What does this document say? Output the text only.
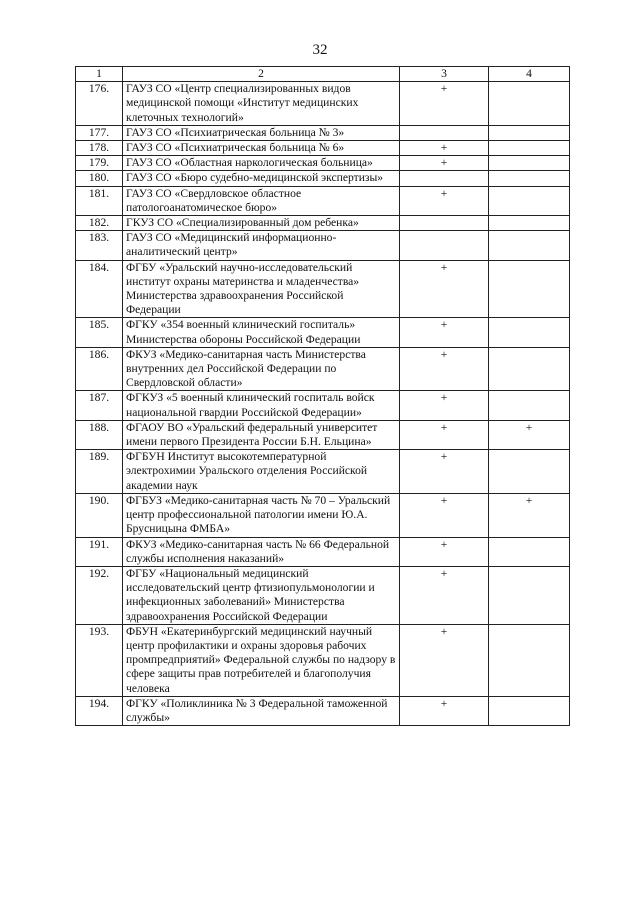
32
1	2	3	4
176.	ГАУЗ СО «Центр специализированных видов медицинской помощи «Институт медицинских клеточных технологий»	+	
177.	ГАУЗ СО «Психиатрическая больница № 3»		
178.	ГАУЗ СО «Психиатрическая больница № 6»	+	
179.	ГАУЗ СО «Областная наркологическая больница»	+	
180.	ГАУЗ СО «Бюро судебно-медицинской экспертизы»		
181.	ГАУЗ СО «Свердловское областное патологоанатомическое бюро»	+	
182.	ГКУЗ СО «Специализированный дом ребенка»		
183.	ГАУЗ СО «Медицинский информационно-аналитический центр»		
184.	ФГБУ «Уральский научно-исследовательский институт охраны материнства и младенчества» Министерства здравоохранения Российской Федерации	+	
185.	ФГКУ «354 военный клинический госпиталь» Министерства обороны Российской Федерации	+	
186.	ФКУЗ «Медико-санитарная часть Министерства внутренних дел Российской Федерации по Свердловской области»	+	
187.	ФГКУЗ «5 военный клинический госпиталь войск национальной гвардии Российской Федерации»	+	
188.	ФГАОУ ВО «Уральский федеральный университет имени первого Президента России Б.Н. Ельцина»	+	+
189.	ФГБУН Институт высокотемпературной электрохимии Уральского отделения Российской академии наук	+	
190.	ФГБУЗ «Медико-санитарная часть № 70 – Уральский центр профессиональной патологии имени Ю.А. Брусницына ФМБА»	+	+
191.	ФКУЗ «Медико-санитарная часть № 66 Федеральной службы исполнения наказаний»	+	
192.	ФГБУ «Национальный медицинский исследовательский центр фтизиопульмонологии и инфекционных заболеваний» Министерства здравоохранения Российской Федерации	+	
193.	ФБУН «Екатеринбургский медицинский научный центр профилактики и охраны здоровья рабочих промпредприятий» Федеральной службы по надзору в сфере защиты прав потребителей и благополучия человека	+	
194.	ФГКУ «Поликлиника № 3 Федеральной таможенной службы»	+	
